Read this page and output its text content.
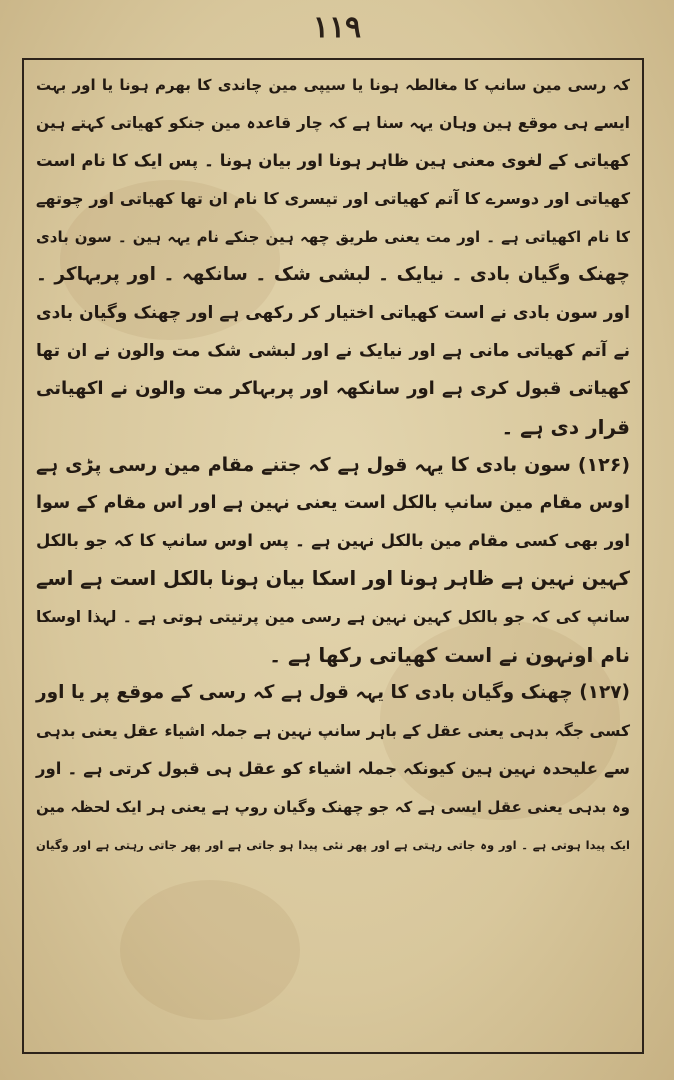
۱۱۹
کہ رسی مین سانپ کا مغالطہ ہونا یا سیپی مین چاندی کا بھرم ہونا یا اور بہت
ایسے ہی موقع ہین وہان یہہ سنا ہے کہ چار قاعدہ مین جنکو کھیاتی کہتے ہین
کھیاتی کے لغوی معنی ہین ظاہر ہونا اور بیان ہونا ۔ پس ایک کا نام است
کھیاتی اور دوسرے کا آتم کھیاتی اور تیسری کا نام ان تھا کھیاتی اور چوتھے
کا نام اکھیاتی ہے ۔ اور مت یعنی طریق چھہ ہین جنکے نام یہہ ہین ۔ سون بادی
چھنک وگیان بادی ۔ نیایک ۔ لبشی شک ۔ سانکھہ ۔ اور پربہاکر ۔
اور سون بادی نے است کھیاتی اختیار کر رکھی ہے اور چھنک وگیان بادی
نے آتم کھیاتی مانی ہے اور نیایک نے اور لبشی شک مت والون نے ان تھا
کھیاتی قبول کری ہے اور سانکھہ اور پربہاکر مت والون نے اکھیاتی
قرار دی ہے ۔
(۱۲۶) سون بادی کا یہہ قول ہے کہ جتنے مقام مین رسی پڑی ہے
اوس مقام مین سانپ بالکل است یعنی نہین ہے اور اس مقام کے سوا
اور بھی کسی مقام مین بالکل نہین ہے ۔ پس اوس سانپ کا کہ جو بالکل
کہین نہین ہے ظاہر ہونا اور اسکا بیان ہونا بالکل است ہے اسے
سانپ کی کہ جو بالکل کہین نہین ہے رسی مین پرتیتی ہوتی ہے ۔ لہذا اوسکا
نام اونہون نے است کھیاتی رکھا ہے ۔
(۱۲۷) چھنک وگیان بادی کا یہہ قول ہے کہ رسی کے موقع پر یا اور
کسی جگہ بدہی یعنی عقل کے باہر سانپ نہین ہے جملہ اشیاء عقل یعنی بدہی
سے علیحدہ نہین ہین کیونکہ جملہ اشیاء کو عقل ہی قبول کرتی ہے ۔ اور
وہ بدہی یعنی عقل ایسی ہے کہ جو چھنک وگیان روپ ہے یعنی ہر ایک لحظہ مین
ایک پیدا ہوتی ہے ۔ اور وہ جاتی رہتی ہے اور پھر نئی پیدا ہو جاتی ہے اور پھر جاتی رہتی ہے اور وگیان
